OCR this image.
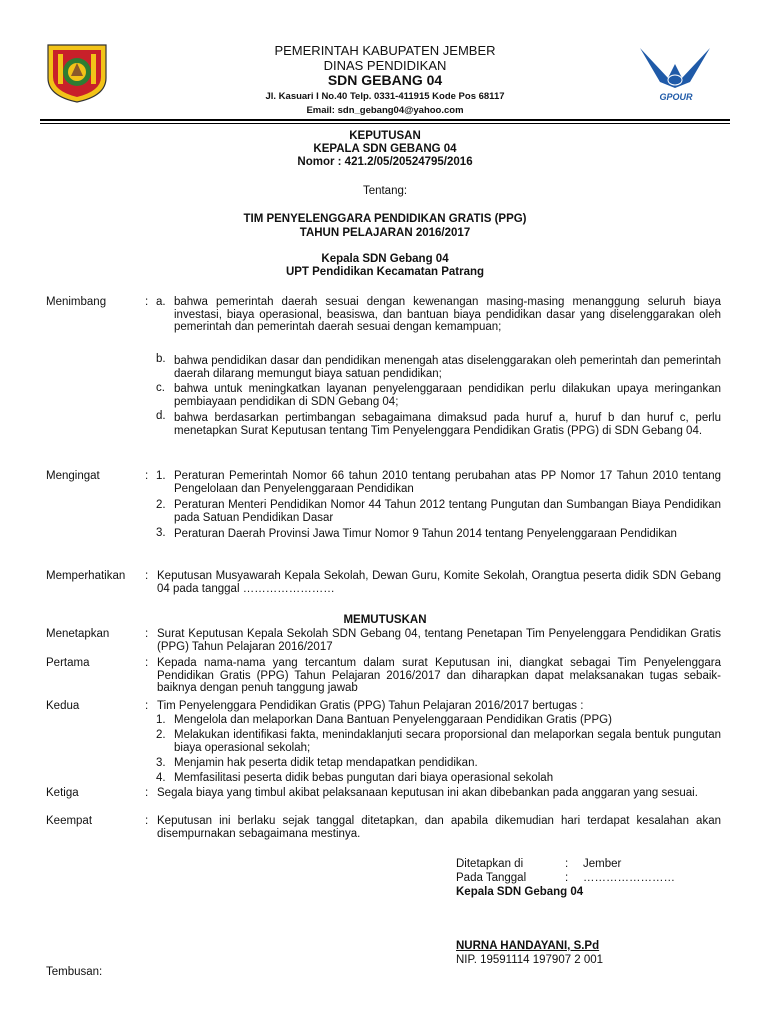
PEMERINTAH KABUPATEN JEMBER
DINAS PENDIDIKAN
SDN GEBANG 04
Jl. Kasuari I No.40 Telp. 0331-411915 Kode Pos 68117
Email: sdn_gebang04@yahoo.com
GPOUR
KEPUTUSAN
KEPALA SDN GEBANG 04
Nomor : 421.2/05/20524795/2016
Tentang:
TIM PENYELENGGARA PENDIDIKAN GRATIS (PPG)
TAHUN PELAJARAN 2016/2017
Kepala SDN Gebang 04
UPT Pendidikan Kecamatan Patrang
Menimbang	: a. bahwa pemerintah daerah sesuai dengan kewenangan masing-masing menanggung seluruh biaya investasi, biaya operasional, beasiswa, dan bantuan biaya pendidikan dasar yang diselenggarakan oleh pemerintah dan pemerintah daerah sesuai dengan kemampuan;
b. bahwa pendidikan dasar dan pendidikan menengah atas diselenggarakan oleh pemerintah dan pemerintah daerah dilarang memungut biaya satuan pendidikan;
c. bahwa untuk meningkatkan layanan penyelenggaraan pendidikan perlu dilakukan upaya meringankan pembiayaan pendidikan di SDN Gebang 04;
d. bahwa berdasarkan pertimbangan sebagaimana dimaksud pada huruf a, huruf b dan huruf c, perlu menetapkan Surat Keputusan tentang Tim Penyelenggara Pendidikan Gratis (PPG) di SDN Gebang 04.
Mengingat	: 1. Peraturan Pemerintah Nomor 66 tahun 2010 tentang perubahan atas PP Nomor 17 Tahun 2010 tentang Pengelolaan dan Penyelenggaraan Pendidikan
2. Peraturan Menteri Pendidikan Nomor 44 Tahun 2012 tentang Pungutan dan Sumbangan Biaya Pendidikan pada Satuan Pendidikan Dasar
3. Peraturan Daerah Provinsi Jawa Timur Nomor 9 Tahun 2014 tentang Penyelenggaraan Pendidikan
Memperhatikan : Keputusan Musyawarah Kepala Sekolah, Dewan Guru, Komite Sekolah, Orangtua peserta didik SDN Gebang 04 pada tanggal ……………………
MEMUTUSKAN
Menetapkan	: Surat Keputusan Kepala Sekolah SDN Gebang 04, tentang Penetapan Tim Penyelenggara Pendidikan Gratis (PPG) Tahun Pelajaran 2016/2017
Pertama	: Kepada nama-nama yang tercantum dalam surat Keputusan ini, diangkat sebagai Tim Penyelenggara Pendidikan Gratis (PPG) Tahun Pelajaran 2016/2017 dan diharapkan dapat melaksanakan tugas sebaik-baiknya dengan penuh tanggung jawab
Kedua	: Tim Penyelenggara Pendidikan Gratis (PPG) Tahun Pelajaran 2016/2017 bertugas :
1. Mengelola dan melaporkan Dana Bantuan Penyelenggaraan Pendidikan Gratis (PPG)
2. Melakukan identifikasi fakta, menindaklanjuti secara proporsional dan melaporkan segala bentuk pungutan biaya operasional sekolah;
3. Menjamin hak peserta didik tetap mendapatkan pendidikan.
4. Memfasilitasi peserta didik bebas pungutan dari biaya operasional sekolah
Ketiga	: Segala biaya yang timbul akibat pelaksanaan keputusan ini akan dibebankan pada anggaran yang sesuai.
Keempat	: Keputusan ini berlaku sejak tanggal ditetapkan, dan apabila dikemudian hari terdapat kesalahan akan disempurnakan sebagaimana mestinya.
Ditetapkan di	: Jember
Pada Tanggal	: ……………………
Kepala SDN Gebang 04
NURNA HANDAYANI, S.Pd
NIP. 19591114 197907 2 001
Tembusan:
